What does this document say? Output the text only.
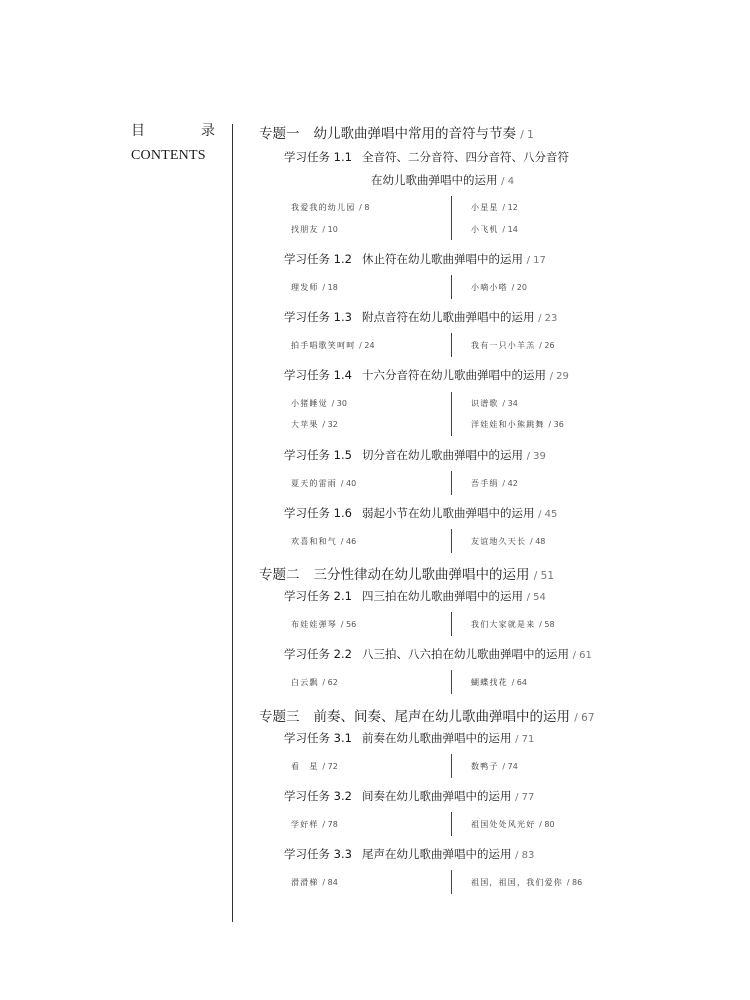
目	录
CONTENTS
专题一 幼儿歌曲弹唱中常用的音符与节奏 / 1
学习任务 1.1 全音符、二分音符、四分音符、八分音符
在幼儿歌曲弹唱中的运用 / 4
我爱我的幼儿园 / 8	小星星 / 12
找朋友 / 10	小飞机 / 14
学习任务 1.2 休止符在幼儿歌曲弹唱中的运用 / 17
理发师 / 18	小嘀小嗒 / 20
学习任务 1.3 附点音符在幼儿歌曲弹唱中的运用 / 23
拍手唱歌笑呵呵 / 24	我有一只小羊羔 / 26
学习任务 1.4 十六分音符在幼儿歌曲弹唱中的运用 / 29
小猪睡觉 / 30	识谱歌 / 34
大苹果 / 32	洋娃娃和小熊跳舞 / 36
学习任务 1.5 切分音在幼儿歌曲弹唱中的运用 / 39
夏天的雷雨 / 40	吾手绢 / 42
学习任务 1.6 弱起小节在幼儿歌曲弹唱中的运用 / 45
欢喜和和气 / 46	友谊地久天长 / 48
专题二 三分性律动在幼儿歌曲弹唱中的运用 / 51
学习任务 2.1 四三拍在幼儿歌曲弹唱中的运用 / 54
布娃娃弹琴 / 56	我们大家就是来 / 58
学习任务 2.2 八三拍、八六拍在幼儿歌曲弹唱中的运用 / 61
白云飘 / 62	蝴蝶找花 / 64
专题三 前奏、间奏、尾声在幼儿歌曲弹唱中的运用 / 67
学习任务 3.1 前奏在幼儿歌曲弹唱中的运用 / 71
看　星 / 72	数鸭子 / 74
学习任务 3.2 间奏在幼儿歌曲弹唱中的运用 / 77
学好样 / 78	祖国处处风光好 / 80
学习任务 3.3 尾声在幼儿歌曲弹唱中的运用 / 83
滑滑梯 / 84	祖国，祖国，我们爱你 / 86
